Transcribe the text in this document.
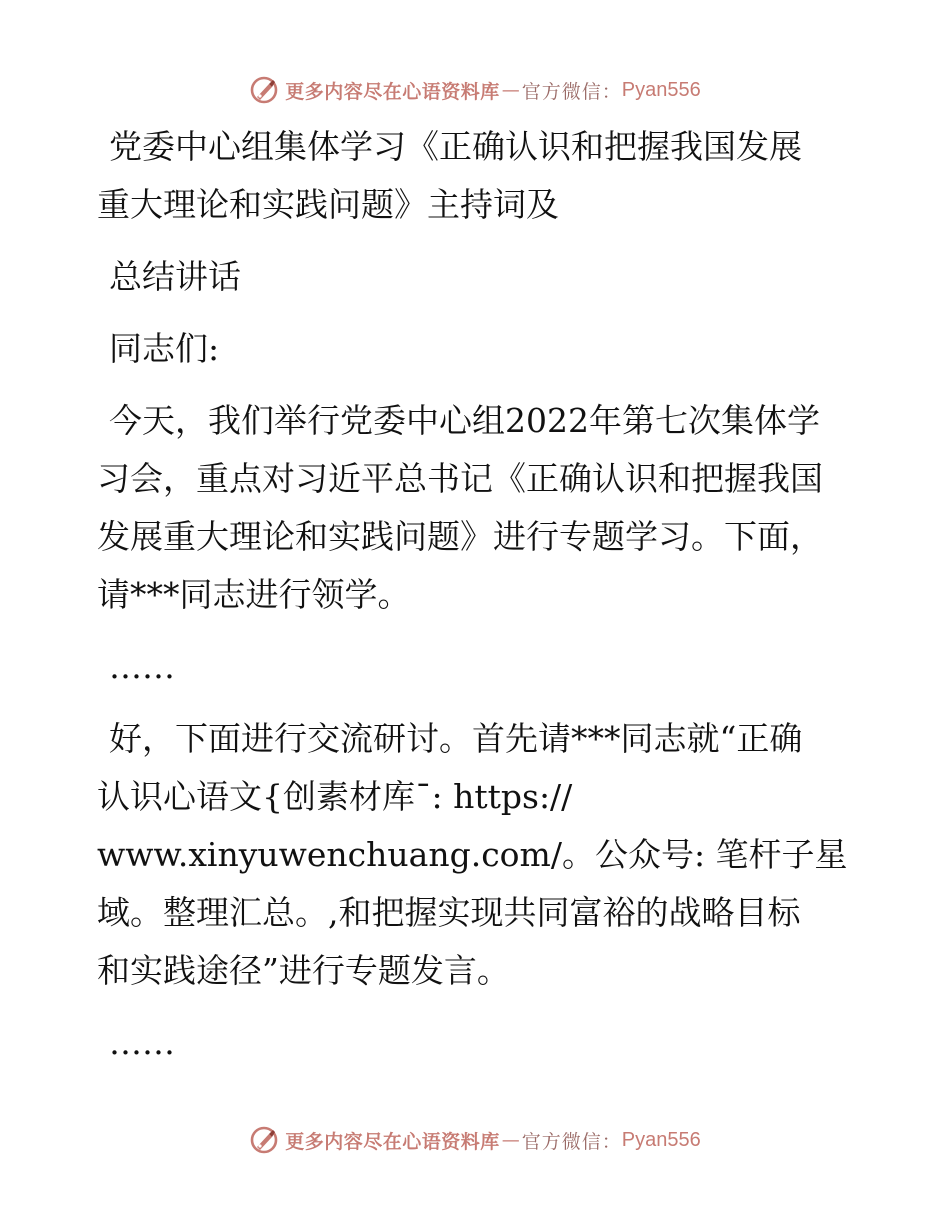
更多内容尽在心语资料库 — 官方微信： Pyan556
党委中心组集体学习《正确认识和把握我国发展
重大理论和实践问题》主持词及
总结讲话
同志们:
今天，我们举行党委中心组2022年第七次集体学
习会，重点对习近平总书记《正确认识和把握我国
发展重大理论和实践问题》进行专题学习。下面，
请***同志进行领学。
……
好，下面进行交流研讨。首先请***同志就“正确
认识心语文{创素材库¯: https://
www.xinyuwenchuang.com/。公众号: 笔杆子星
域。整理汇总。,和把握实现共同富裕的战略目标
和实践途径”进行专题发言。
……
更多内容尽在心语资料库 — 官方微信： Pyan556
